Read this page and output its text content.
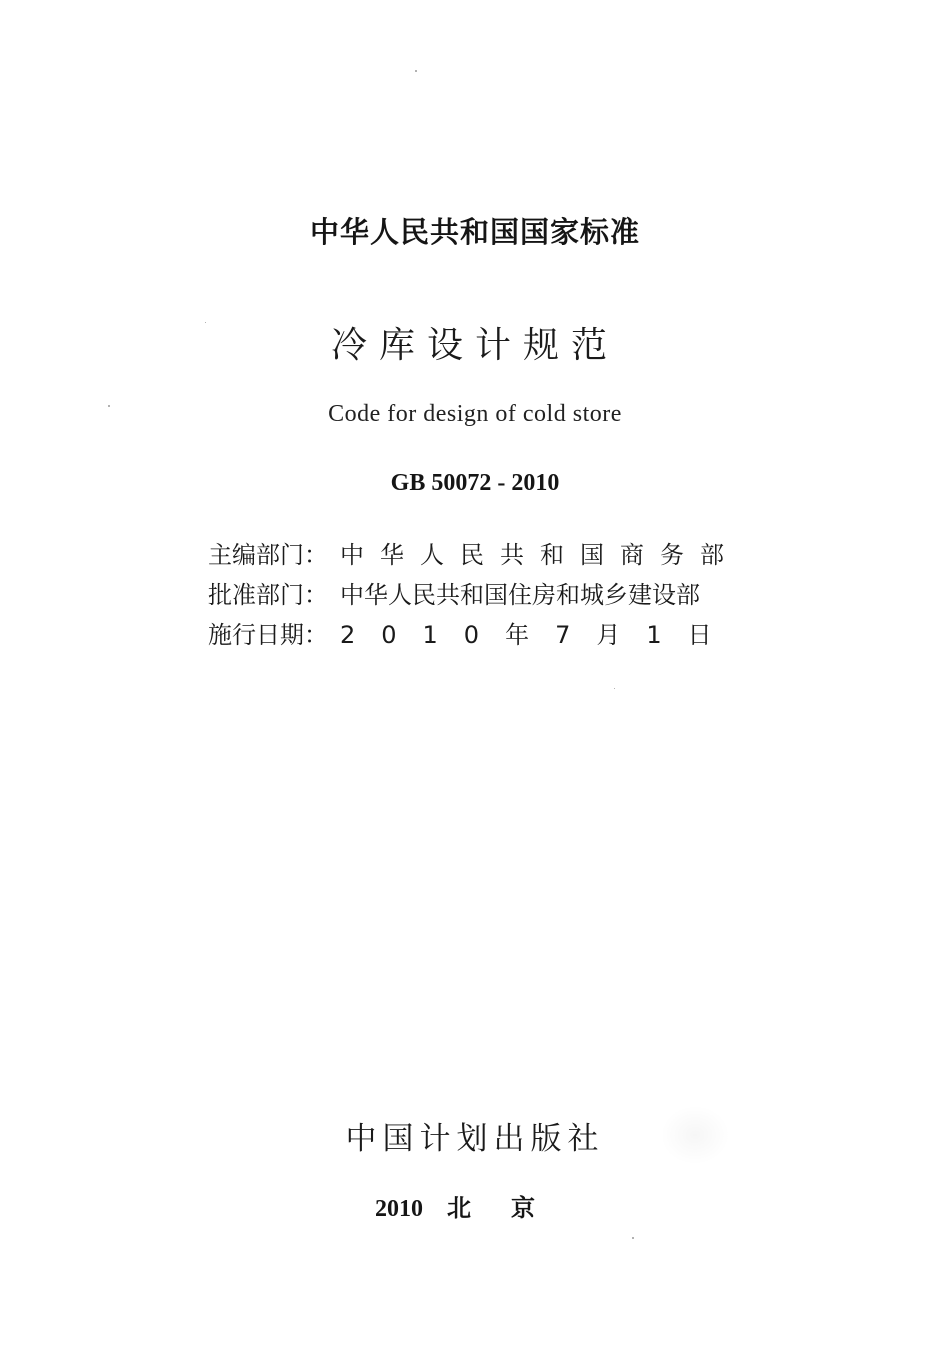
中华人民共和国国家标准
冷库设计规范
Code for design of cold store
GB 50072 - 2010
主编部门： 中华人民共和国商务部
批准部门： 中华人民共和国住房和城乡建设部
施行日期： 2010年7月1日
中国计划出版社
2010 北京
